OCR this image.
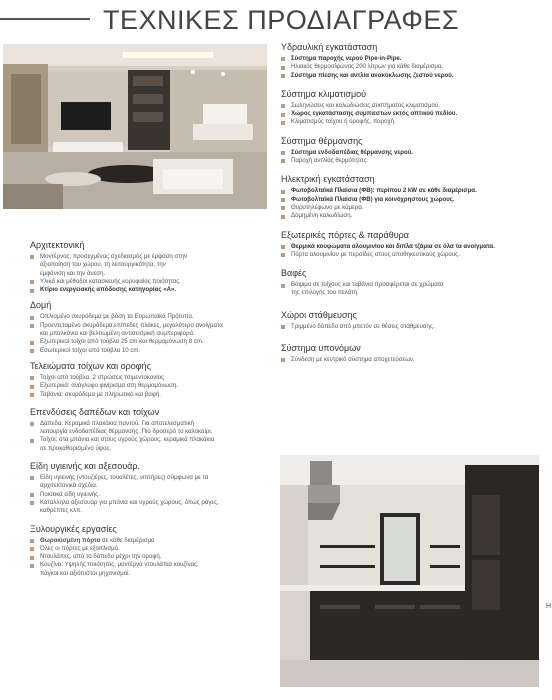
ΤΕΧΝΙΚΕΣ ΠΡΟΔΙΑΓΡΑΦΕΣ
Αρχιτεκτονική
Μοντέρνος, προσεγμένος σχεδιασμός με έμφαση στην
αξιοποίηση του χώρου, τη λειτουργικότητα, την
εμφάνιση και την άνεση.
Υλικά και μέθοδοι κατασκευής κορυφαίας ποιότητας.
Κτίριο ενεργειακής απόδοσης κατηγορίας «Α».
Δομή
Οπλισμένο σκυρόδεμα με βάση τα Ευρωπαϊκά Πρότυπα.
Προεντεταμένο σκυρόδεμα,επίπεδες πλάκες, μεγαλύτερο ανοίγματα
και μπαλκόνια και βελτιωμένη αντισεισμική συμπεριφορά.
Εξωτερικοί τοίχοι από τούβλα 25 cm και θερμομόνωση 8 cm.
Εσωτερικοί τοίχοι από τούβλα 10 cm.
Τελειώματα τοίχων και οροφής
Τοίχοι από τούβλα: 2 στρώσεις τσιμεντοκονίας
Εξωτερικά: ανάγλυφο φινίρισμα στη θερμομόνωση.
Ταβάνια: σκυρόδεμα με πληρωτικό και βαφή.
Επενδύσεις δαπέδων και τοίχων
Δάπεδα: Κεραμικά πλακάκια παντού. Για αποτελεσματική
λειτουργία ενδοδαπέδιας θέρμανσης. Πιο δροσερό το καλοκαίρι.
Τοίχοι: στα μπάνια και στους υγρούς χώρους, κεραμικά πλακάκια
σε προκαθορισμένο ύψος.
Είδη υγιεινής και αξεσουάρ.
Είδη υγιεινής (ντουζιέρες, τουαλέτες, νιπτήρες) σύμφωνα με τα
αρχιτεκτονικά σχέδια.
Ποιοτικά είδη υγιεινής.
Καταλληλα αξεσουάρ για μπάνια και υγρούς χώρους, όπως ράγες,
καθρέπτες κλπ.
Ξυλουργικές εργασίες
Θωρακισμένη πόρτα σε κάθε διαμέρισμα
Όλες οι πόρτες με εξοπλισμό.
Ντουλάπες, από το δάπεδο μέχρι την οροφή.
Κουζίνα: Υψηλής ποιότητας, μοντέρνα ντουλάπια κουζίνας,
πάγκοι και αξιόπιστοι μηχανισμοί.
Υδραυλική εγκατάσταση
Σύστημα παροχής νερού Pipe-in-Pipe.
Ηλιακός θερμοσίφωνας 200 λίτρων για κάθε διαμέρισμα.
Σύστημα πίεσης και αντλία ανακύκλωσης ζεστού νερού.
Σύστημα κλιματισμού
Σωληνώσεις και καλωδιώσεις συστήματος κλιματισμού.
Χώρος εγκατάστασης συμπιεστών εκτός οπτικού πεδίου.
Κλιματισμός τοίχου ή οροφής, παροχή.
Σύστημα θέρμανσης
Σύστημα ενδοδαπέδιας θέρμανσης νερού.
Παροχή αντλίας θερμότητας.
Ηλεκτρική εγκατάσταση
Φωτοβολταϊκά Πλαίσια (ΦΒ): περίπου 2 kW σε κάθε διαμέρισμα.
Φωτοβολταϊκά Πλαίσια (ΦΒ) για κοινόχρηστους χώρους.
Θυροτηλέφωνο με κάμερα.
Δομημένη καλωδίωση.
Εξωτερικές πόρτες & παράθυρα
Θερμικά κουφώματα αλουμινίου και διπλά τζάμια σε όλα τα ανοίγματα.
Πόρτα αλουμινίου με περσίδες στους αποθηκευτικούς χώρους.
Βαφές
Βάψιμο σε τοίχους και ταβάνια προσφέρεται σε χρώματα
της επιλογής του πελάτη.
Χώροι στάθμευσης
Τριμμένο δάπεδο από μπετόν σε θέσεις στάθμευσης.
Σύστημα υπονόμων
Σύνδεση με κεντρικό σύστημα αποχετεύσεων.
Η
